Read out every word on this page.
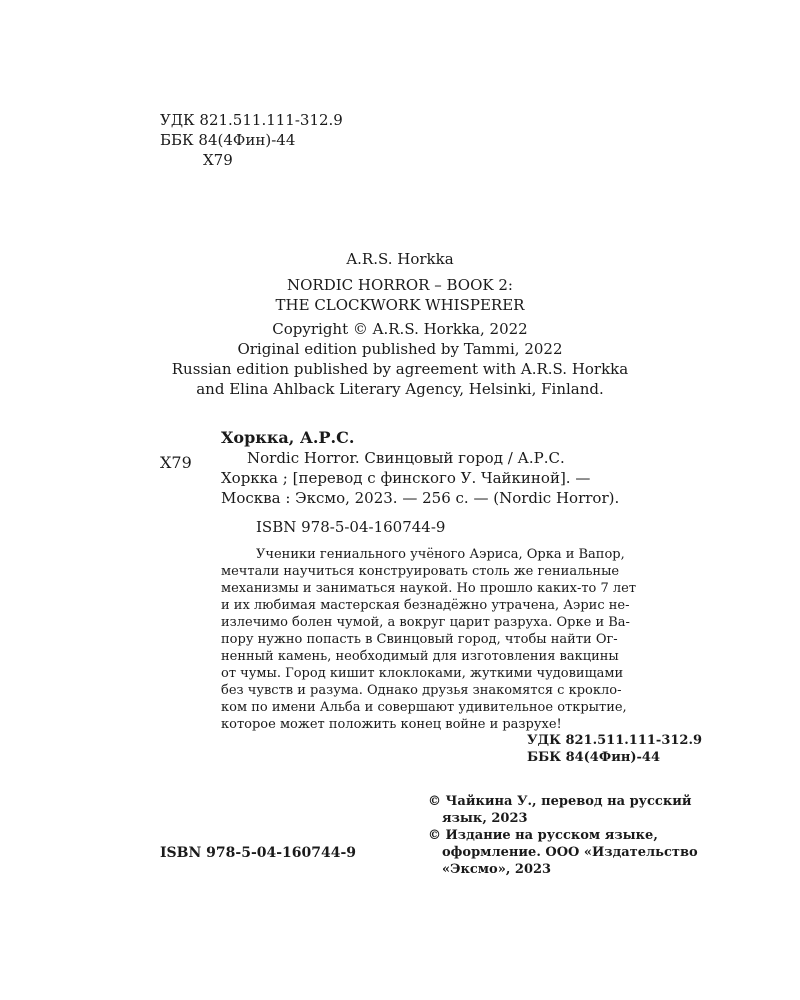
УДК 821.511.111-312.9
ББК 84(4Фин)-44
Х79
A.R.S. Horkka
NORDIC HORROR – BOOK 2:
THE CLOCKWORK WHISPERER
Copyright © A.R.S. Horkka, 2022
Original edition published by Tammi, 2022
Russian edition published by agreement with A.R.S. Horkka
and Elina Ahlback Literary Agency, Helsinki, Finland.
Хоркка, А.Р.С.
Х79	Nordic Horror. Свинцовый город / А.Р.С.
Хоркка ; [перевод с финского У. Чайкиной]. —
Москва : Эксмо, 2023. — 256 с. — (Nordic Horror).
ISBN 978-5-04-160744-9
Ученики гениального учёного Аэриса, Орка и Вапор,
мечтали научиться конструировать столь же гениальные
механизмы и заниматься наукой. Но прошло каких-то 7 лет
и их любимая мастерская безнадёжно утрачена, Аэрис не-
излечимо болен чумой, а вокруг царит разруха. Орке и Ва-
пору нужно попасть в Свинцовый город, чтобы найти Ог-
ненный камень, необходимый для изготовления вакцины
от чумы. Город кишит клоклоками, жуткими чудовищами
без чувств и разума. Однако друзья знакомятся с крокло-
ком по имени Альба и совершают удивительное открытие,
которое может положить конец войне и разрухе!
УДК 821.511.111-312.9
ББК 84(4Фин)-44
© Чайкина У., перевод на русский
язык, 2023
© Издание на русском языке,
оформление. ООО «Издательство
«Эксмо», 2023
ISBN 978-5-04-160744-9
